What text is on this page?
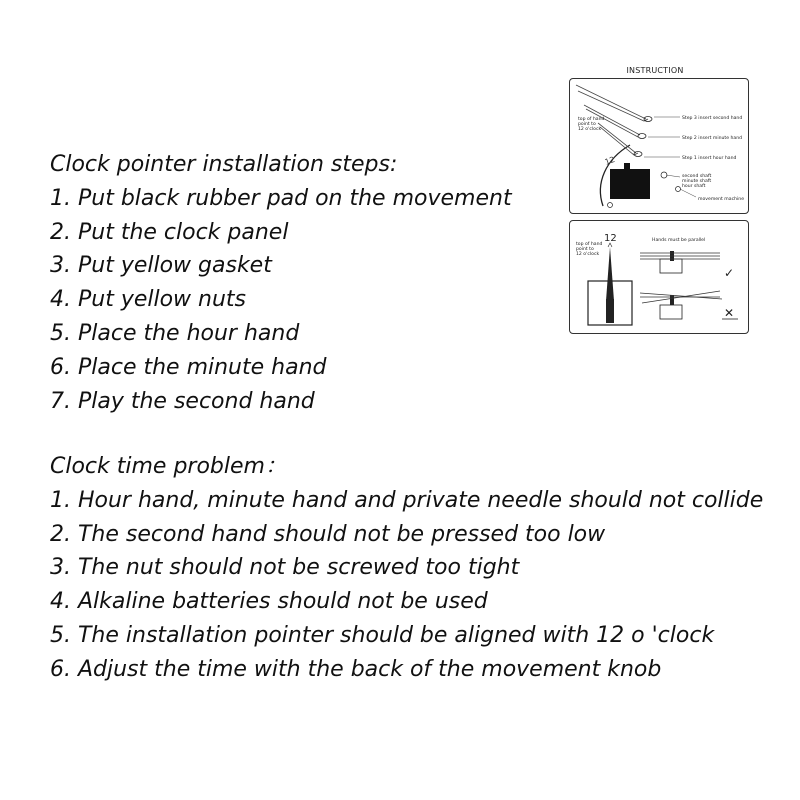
Clock pointer installation steps:
1. Put black rubber pad on the movement
2. Put the clock panel
3. Put yellow gasket
4. Put yellow nuts
5. Place the hour hand
6. Place the minute hand
7. Play the second hand
Clock time problem：
1. Hour hand, minute hand and private needle should not collide
2. The second hand should not be pressed too low
3. The nut should not be screwed too tight
4. Alkaline batteries should not be used
5. The installation pointer should be aligned with 12 o 'clock
6. Adjust the time with the back of the movement knob
INSTRUCTION
12
top of hand
point to
12 o'clock
Step 3 insert second hand
Step 2 insert minute hand
Step 1 insert hour hand
second shaft
minute shaft
hour shaft
movement machine
top of hand
point to
12 o'clock
12	Hands must be parallel
✓
✕
